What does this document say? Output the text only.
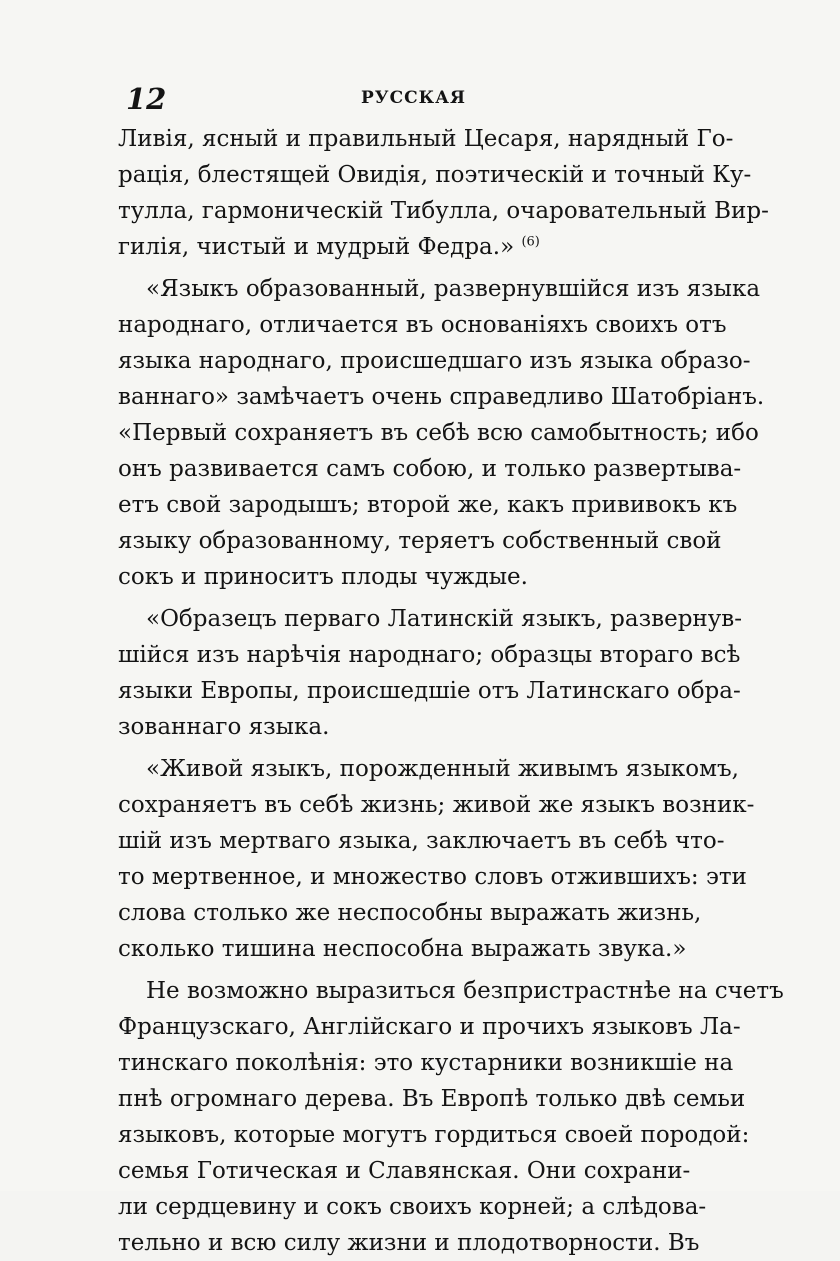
12	РУССКАЯ
Ливія, ясный и правильный Цесаря, нарядный Го-
рація, блестящей Овидія, поэтическій и точный Ку-
тулла, гармоническій Тибулла, очаровательный Вир-
гилія, чистый и мудрый Федра.» $^{(6)}$
«Языкъ образованный, развернувшійся изъ языка
народнаго, отличается въ основаніяхъ своихъ отъ
языка народнаго, происшедшаго изъ языка образо-
ваннаго» замѣчаетъ очень справедливо Шатобріанъ.
«Первый сохраняетъ въ себѣ всю самобытность; ибо
онъ развивается самъ собою, и только развертыва-
етъ свой зародышъ; второй же, какъ прививокъ къ
языку образованному, теряетъ собственный свой
сокъ и приноситъ плоды чуждые.
«Образецъ перваго Латинскій языкъ, развернув-
шійся изъ нарѣчія народнаго; образцы втораго всѣ
языки Европы, происшедшіе отъ Латинскаго обра-
зованнаго языка.
«Живой языкъ, порожденный живымъ языкомъ,
сохраняетъ въ себѣ жизнь; живой же языкъ возник-
шій изъ мертваго языка, заключаетъ въ себѣ что-
то мертвенное, и множество словъ отжившихъ: эти
слова столько же неспособны выражать жизнь,
сколько тишина неспособна выражать звука.»
Не возможно выразиться безпристрастнѣе на счетъ
Французскаго, Англійскаго и прочихъ языковъ Ла-
тинскаго поколѣнія: это кустарники возникшіе на
пнѣ огромнаго дерева. Въ Европѣ только двѣ семьи
языковъ, которые могутъ гордиться своей породой:
семья Готическая и Славянская. Они сохрани-
ли сердцевину и сокъ своихъ корней; а слѣдова-
тельно и всю силу жизни и плодотворности. Въ
